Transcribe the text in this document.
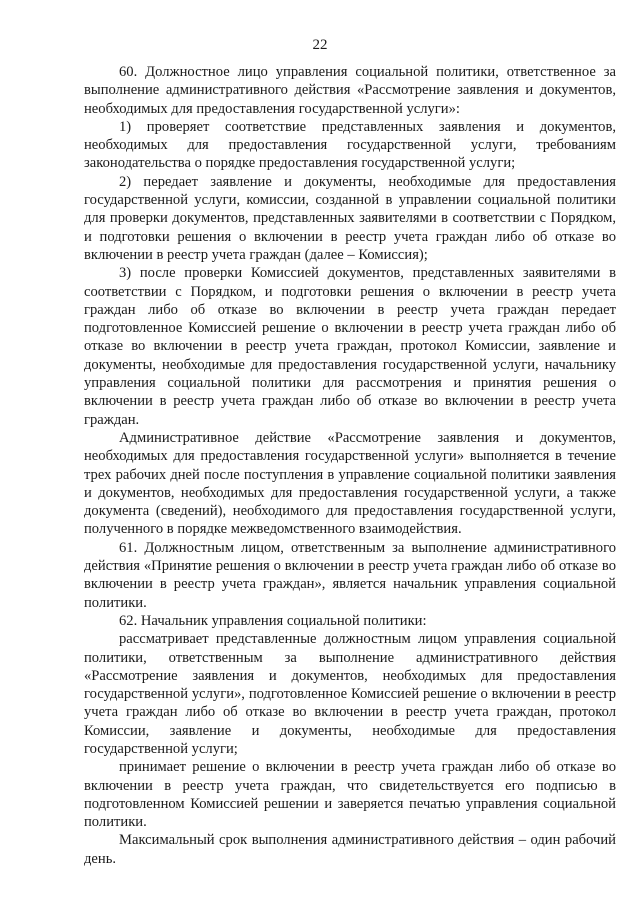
22

60. Должностное лицо управления социальной политики, ответственное за выполнение административного действия «Рассмотрение заявления и документов, необходимых для предоставления государственной услуги»:

1) проверяет соответствие представленных заявления и документов, необходимых для предоставления государственной услуги, требованиям законодательства о порядке предоставления государственной услуги;

2) передает заявление и документы, необходимые для предоставления государственной услуги, комиссии, созданной в управлении социальной политики для проверки документов, представленных заявителями в соответствии с Порядком, и подготовки решения о включении в реестр учета граждан либо об отказе во включении в реестр учета граждан (далее – Комиссия);

3) после проверки Комиссией документов, представленных заявителями в соответствии с Порядком, и подготовки решения о включении в реестр учета граждан либо об отказе во включении в реестр учета граждан передает подготовленное Комиссией решение о включении в реестр учета граждан либо об отказе во включении в реестр учета граждан, протокол Комиссии, заявление и документы, необходимые для предоставления государственной услуги, начальнику управления социальной политики для рассмотрения и принятия решения о включении в реестр учета граждан либо об отказе во включении в реестр учета граждан.

Административное действие «Рассмотрение заявления и документов, необходимых для предоставления государственной услуги» выполняется в течение трех рабочих дней после поступления в управление социальной политики заявления и документов, необходимых для предоставления государственной услуги, а также документа (сведений), необходимого для предоставления государственной услуги, полученного в порядке межведомственного взаимодействия.

61. Должностным лицом, ответственным за выполнение административного действия «Принятие решения о включении в реестр учета граждан либо об отказе во включении в реестр учета граждан», является начальник управления социальной политики.

62. Начальник управления социальной политики:

рассматривает представленные должностным лицом управления социальной политики, ответственным за выполнение административного действия «Рассмотрение заявления и документов, необходимых для предоставления государственной услуги», подготовленное Комиссией решение о включении в реестр учета граждан либо об отказе во включении в реестр учета граждан, протокол Комиссии, заявление и документы, необходимые для предоставления государственной услуги;

принимает решение о включении в реестр учета граждан либо об отказе во включении в реестр учета граждан, что свидетельствуется его подписью в подготовленном Комиссией решении и заверяется печатью управления социальной политики.

Максимальный срок выполнения административного действия – один рабочий день.
